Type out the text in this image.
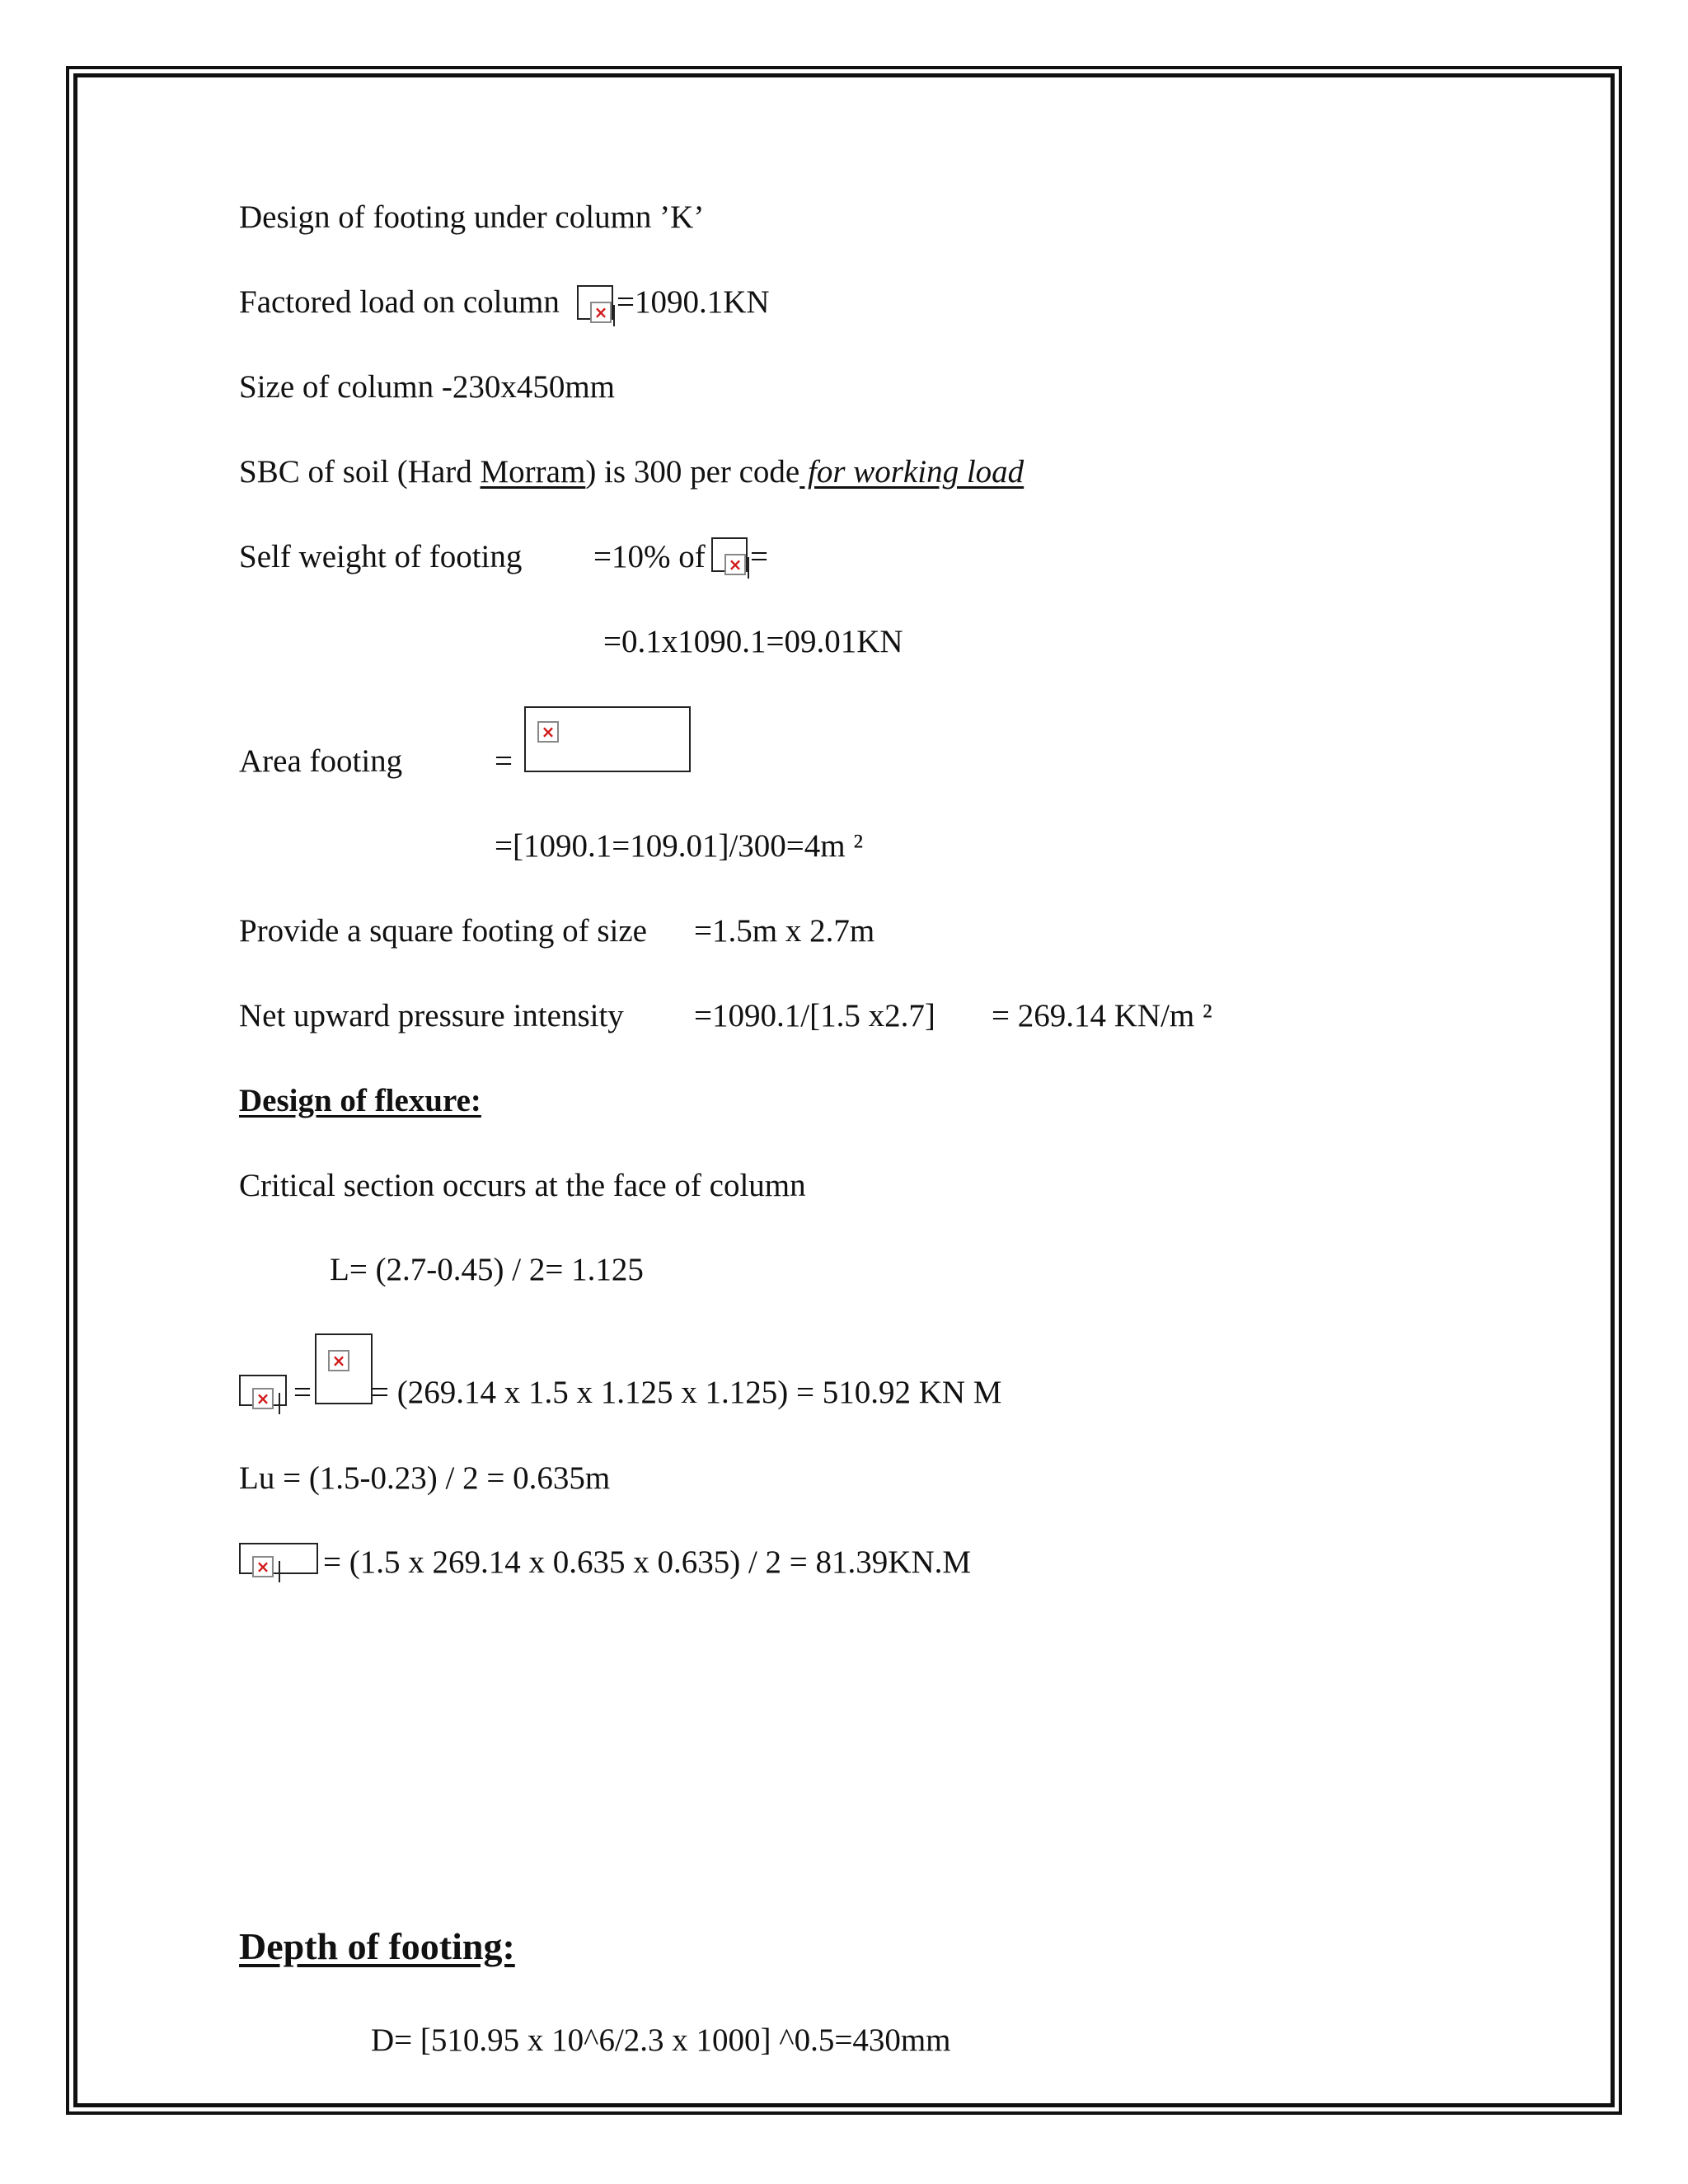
Design of footing under column ’K’
Factored load on column × =1090.1KN
Size of column -230x450mm
SBC of soil (Hard Morram) is 300 per code for working load
Self weight of footing =10% of × =
=0.1x1090.1=09.01KN
Area footing	=
×
=[1090.1=109.01]/300=4m ²
Provide a square footing of size =1.5m x 2.7m
Net upward pressure intensity =1090.1/[1.5 x2.7] = 269.14 KN/m ²
Design of flexure:
Critical section occurs at the face of column
L= (2.7-0.45) / 2= 1.125
× =
×
= (269.14 x 1.5 x 1.125 x 1.125) = 510.92 KN M
Lu = (1.5-0.23) / 2 = 0.635m
× = (1.5 x 269.14 x 0.635 x 0.635) / 2 = 81.39KN.M
Depth of footing:
D= [510.95 x 10^6/2.3 x 1000] ^0.5=430mm
